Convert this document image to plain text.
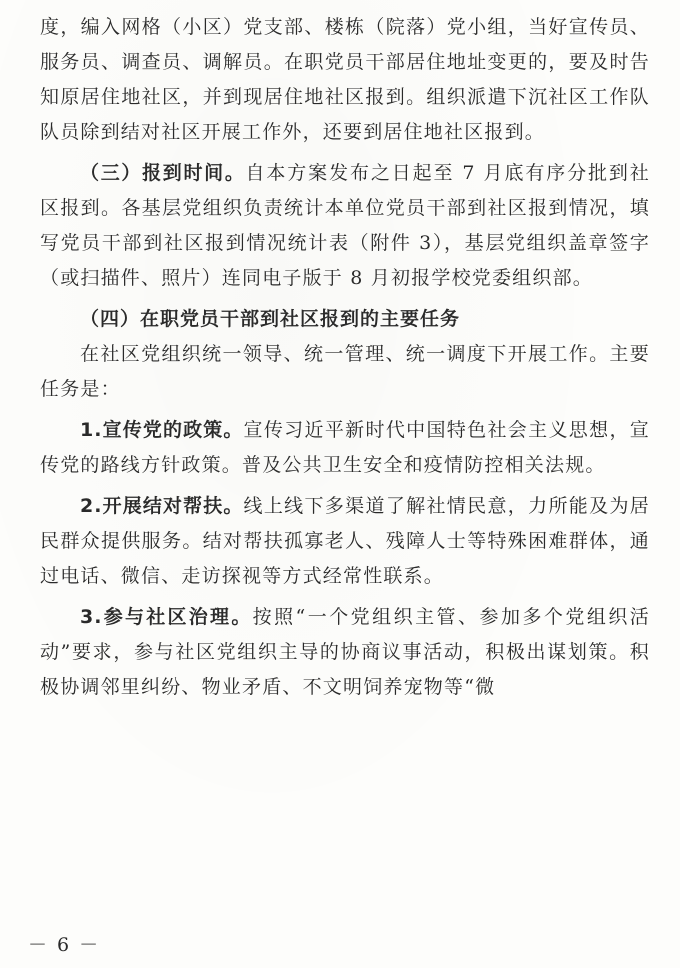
度，编入网格（小区）党支部、楼栋（院落）党小组，当好宣传员、服务员、调查员、调解员。在职党员干部居住地址变更的，要及时告知原居住地社区，并到现居住地社区报到。组织派遣下沉社区工作队队员除到结对社区开展工作外，还要到居住地社区报到。

（三）报到时间。自本方案发布之日起至 7 月底有序分批到社区报到。各基层党组织负责统计本单位党员干部到社区报到情况，填写党员干部到社区报到情况统计表（附件 3），基层党组织盖章签字（或扫描件、照片）连同电子版于 8 月初报学校党委组织部。

（四）在职党员干部到社区报到的主要任务

在社区党组织统一领导、统一管理、统一调度下开展工作。主要任务是：

1.宣传党的政策。宣传习近平新时代中国特色社会主义思想，宣传党的路线方针政策。普及公共卫生安全和疫情防控相关法规。

2.开展结对帮扶。线上线下多渠道了解社情民意，力所能及为居民群众提供服务。结对帮扶孤寡老人、残障人士等特殊困难群体，通过电话、微信、走访探视等方式经常性联系。

3.参与社区治理。按照“一个党组织主管、参加多个党组织活动”要求，参与社区党组织主导的协商议事活动，积极出谋划策。积极协调邻里纠纷、物业矛盾、不文明饲养宠物等“微

－ 6 －
